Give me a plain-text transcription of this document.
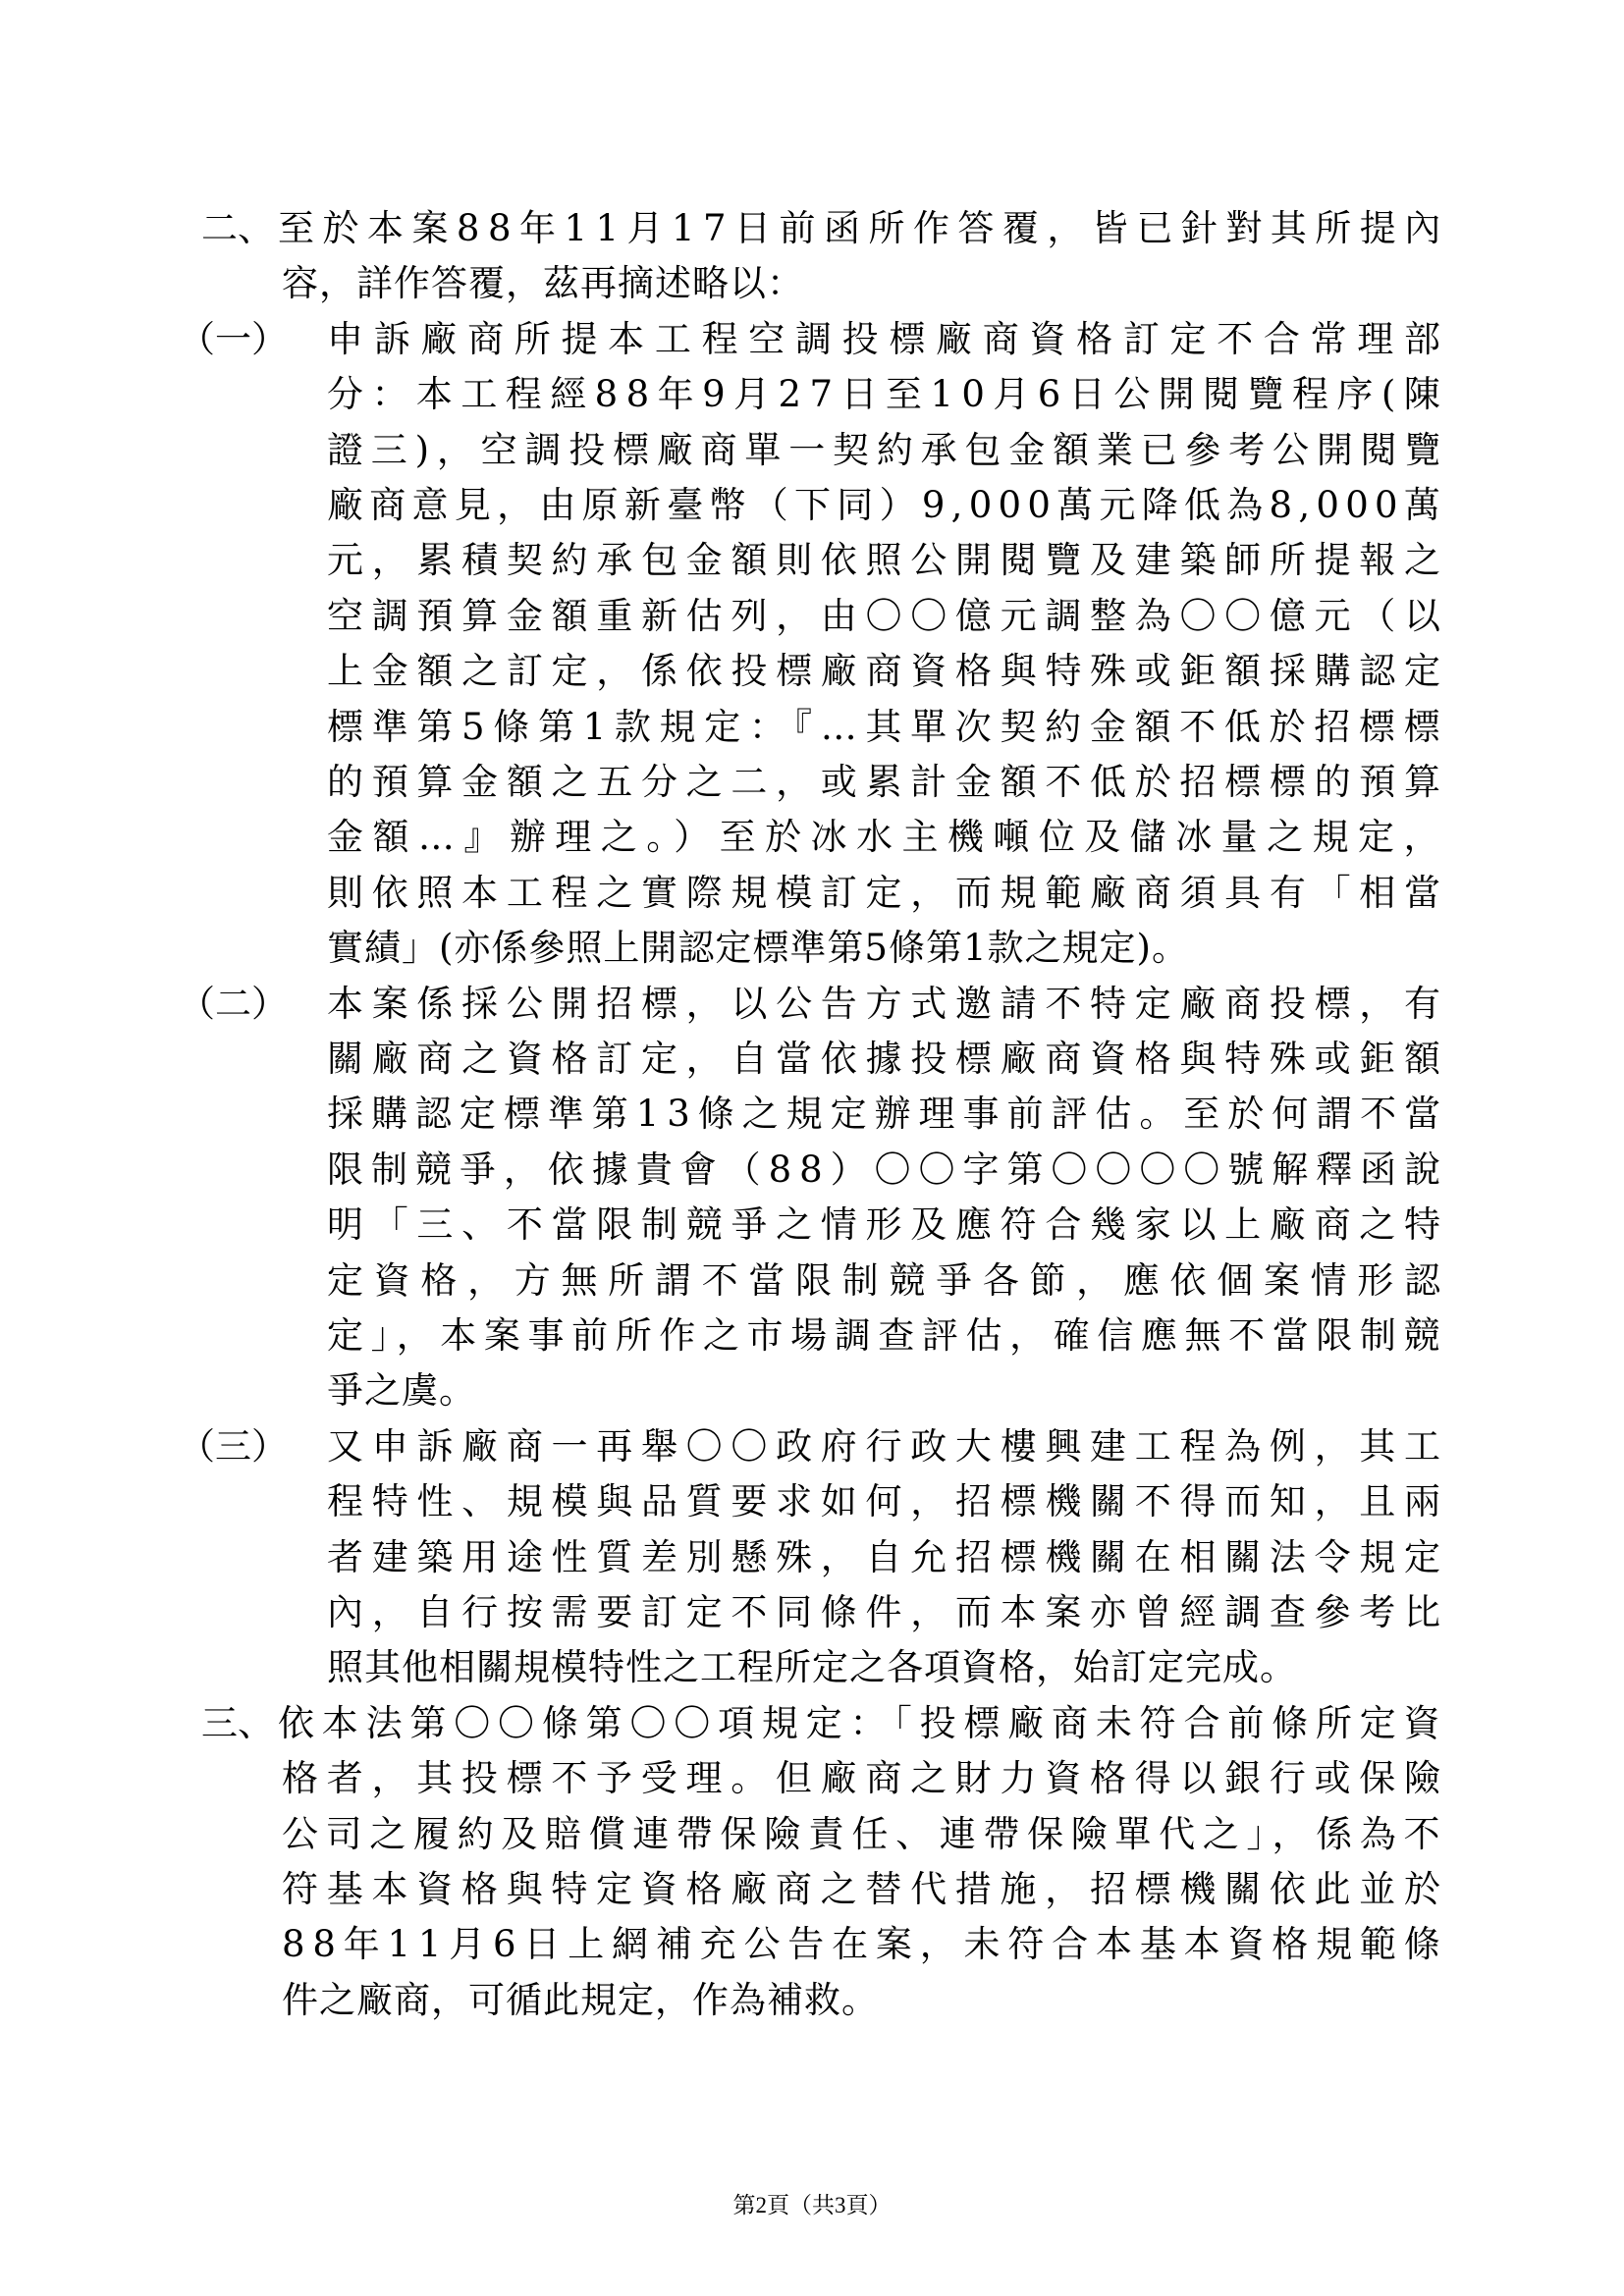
二、 至於本案88年11月17日前函所作答覆，皆已針對其所提內
容，詳作答覆，茲再摘述略以：
（一） 申訴廠商所提本工程空調投標廠商資格訂定不合常理部
分：本工程經88年9月27日至10月6日公開閱覽程序(陳
證三)，空調投標廠商單一契約承包金額業已參考公開閱覽
廠商意見，由原新臺幣（下同）9,000萬元降低為8,000萬
元，累積契約承包金額則依照公開閱覽及建築師所提報之
空調預算金額重新估列，由〇〇億元調整為〇〇億元（以
上金額之訂定，係依投標廠商資格與特殊或鉅額採購認定
標準第5條第1款規定：『…其單次契約金額不低於招標標
的預算金額之五分之二，或累計金額不低於招標標的預算
金額…』辦理之。）至於冰水主機噸位及儲冰量之規定，
則依照本工程之實際規模訂定，而規範廠商須具有「相當
實績」(亦係參照上開認定標準第5條第1款之規定)。
（二） 本案係採公開招標，以公告方式邀請不特定廠商投標，有
關廠商之資格訂定，自當依據投標廠商資格與特殊或鉅額
採購認定標準第13條之規定辦理事前評估。至於何謂不當
限制競爭，依據貴會（88）〇〇字第〇〇〇〇號解釋函說
明「三、不當限制競爭之情形及應符合幾家以上廠商之特
定資格，方無所謂不當限制競爭各節，應依個案情形認
定」，本案事前所作之市場調查評估，確信應無不當限制競
爭之虞。
（三） 又申訴廠商一再舉〇〇政府行政大樓興建工程為例，其工
程特性、規模與品質要求如何，招標機關不得而知，且兩
者建築用途性質差別懸殊，自允招標機關在相關法令規定
內，自行按需要訂定不同條件，而本案亦曾經調查參考比
照其他相關規模特性之工程所定之各項資格，始訂定完成。
三、 依本法第〇〇條第〇〇項規定：「投標廠商未符合前條所定資
格者，其投標不予受理。但廠商之財力資格得以銀行或保險
公司之履約及賠償連帶保險責任、連帶保險單代之」，係為不
符基本資格與特定資格廠商之替代措施，招標機關依此並於
88年11月6日上網補充公告在案，未符合本基本資格規範條
件之廠商，可循此規定，作為補救。
第2頁（共3頁）
